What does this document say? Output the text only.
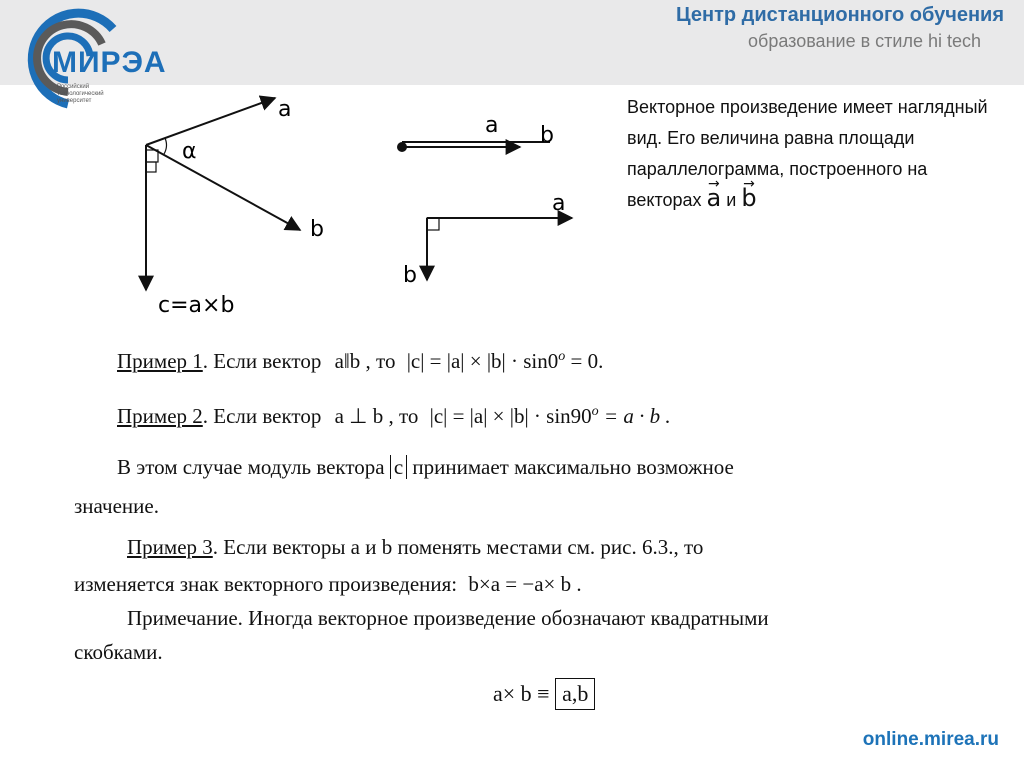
МИРЭА
Российский технологический университет
Центр дистанционного обучения
образование в стиле hi tech
a
α
b
c=a×b
a b
a
b
Векторное произведение имеет наглядный вид. Его величина равна площади параллелограмма, построенного на векторах → a и → b
Пример 1. Если вектор a‖b , то $|c| = |a| \times |b| \cdot \sin 0^o = 0$.
Пример 2. Если вектор a ⊥ b , то $|c| = |a| \times |b| \cdot \sin 90^o = a \cdot b$ .
В этом случае модуль вектора c принимает максимально возможное
значение.
Пример 3. Если векторы a и b поменять местами см. рис. 6.3., то
изменяется знак векторного произведения: b×a = −a× b .
Примечание. Иногда векторное произведение обозначают квадратными
скобками.
a× b ≡ a,b
online.mirea.ru
